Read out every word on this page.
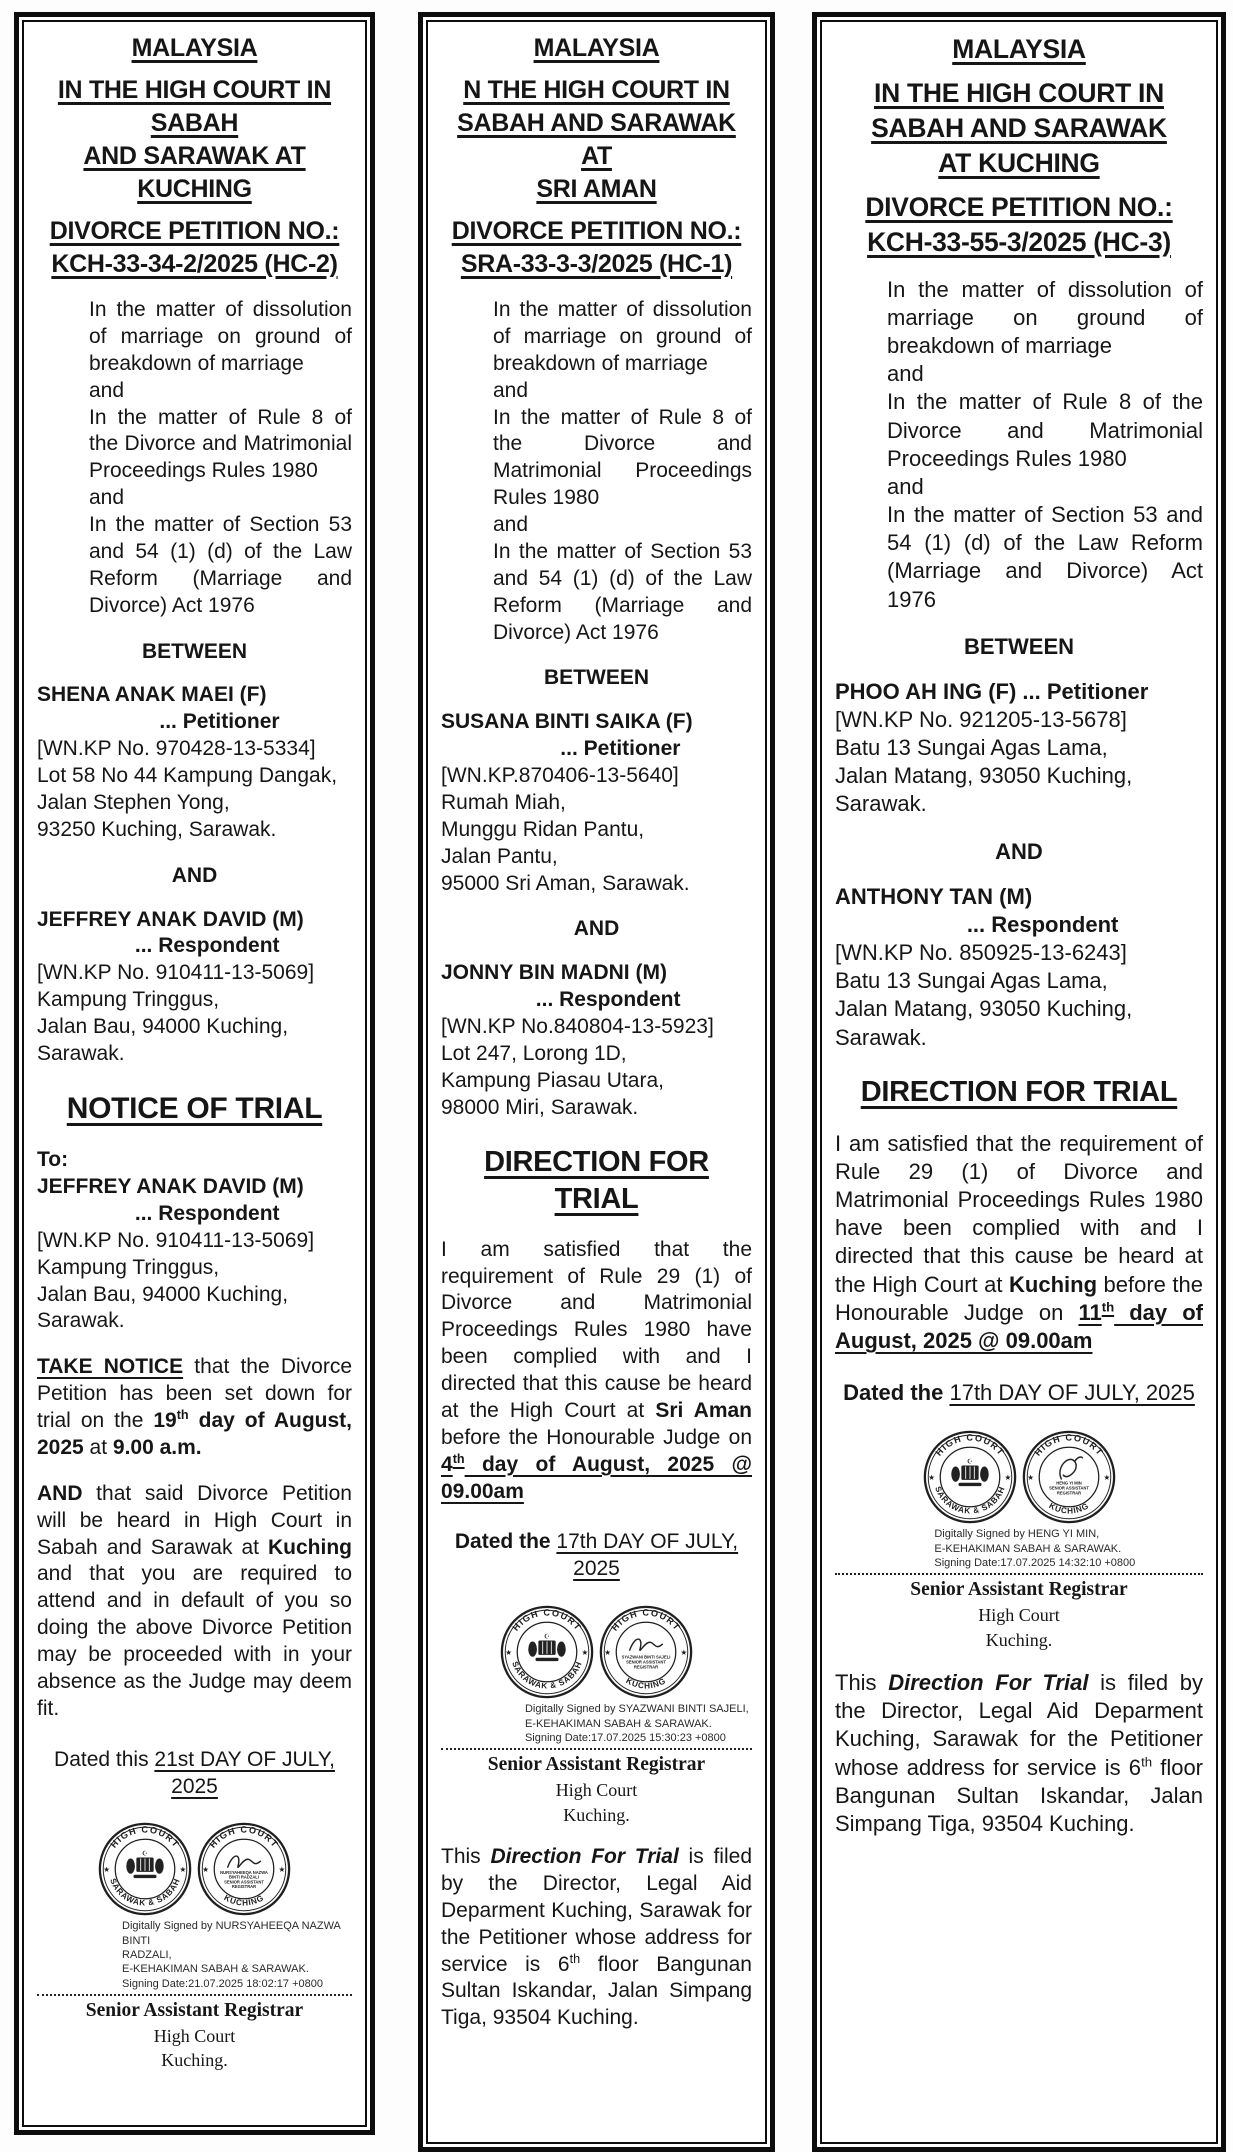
MALAYSIA
IN THE HIGH COURT IN SABAH
AND SARAWAK AT KUCHING
DIVORCE PETITION NO.:
KCH-33-34-2/2025 (HC-2)

In the matter of dissolution of marriage on ground of breakdown of marriage

and

In the matter of Rule 8 of the Divorce and Matrimonial Proceedings Rules 1980

and

In the matter of Section 53 and 54 (1) (d) of the Law Reform (Marriage and Divorce) Act 1976

BETWEEN
SHENA ANAK MAEI (F)
... Petitioner
[WN.KP No. 970428-13-5334]
Lot 58 No 44 Kampung Dangak,
Jalan Stephen Yong,
93250 Kuching, Sarawak.
AND
JEFFREY ANAK DAVID (M)
... Respondent
[WN.KP No. 910411-13-5069]
Kampung Tringgus,
Jalan Bau, 94000 Kuching,
Sarawak.
NOTICE OF TRIAL
To:
JEFFREY ANAK DAVID (M)
... Respondent
[WN.KP No. 910411-13-5069]
Kampung Tringgus,
Jalan Bau, 94000 Kuching,
Sarawak.

TAKE NOTICE that the Divorce Petition has been set down for trial on the 19th day of August, 2025 at 9.00 a.m.

AND that said Divorce Petition will be heard in High Court in Sabah and Sarawak at Kuching and that you are required to attend and in default of you so doing the above Divorce Petition may be proceeded with in your absence as the Judge may deem fit.

Dated this 21st DAY OF JULY,
2025

HIGH COURT
SARAWAK & SABAH
★	★
☪
HIGH COURT
KUCHING
★	★
NURSYAHEEQA NAZWA
BINTI RADZALI
SENIOR ASSISTANT
REGISTRAR
Digitally Signed by NURSYAHEEQA NAZWA BINTI
RADZALI,
E-KEHAKIMAN SABAH & SARAWAK.
Signing Date:21.07.2025 18:02:17 +0800
Senior Assistant Registrar
High Court
Kuching.
MALAYSIA
N THE HIGH COURT IN
SABAH AND SARAWAK AT
SRI AMAN
DIVORCE PETITION NO.:
SRA-33-3-3/2025 (HC-1)

In the matter of dissolution of marriage on ground of breakdown of marriage

and

In the matter of Rule 8 of the Divorce and Matrimonial Proceedings Rules 1980

and

In the matter of Section 53 and 54 (1) (d) of the Law Reform (Marriage and Divorce) Act 1976

BETWEEN
SUSANA BINTI SAIKA (F)
... Petitioner
[WN.KP.870406-13-5640]
Rumah Miah,
Munggu Ridan Pantu,
Jalan Pantu,
95000 Sri Aman, Sarawak.
AND
JONNY BIN MADNI (M)
... Respondent
[WN.KP No.840804-13-5923]
Lot 247, Lorong 1D,
Kampung Piasau Utara,
98000 Miri, Sarawak.
DIRECTION FOR TRIAL

I am satisfied that the requirement of Rule 29 (1) of Divorce and Matrimonial Proceedings Rules 1980 have been complied with and I directed that this cause be heard at the High Court at Sri Aman before the Honourable Judge on 4th day of August, 2025 @ 09.00am

Dated the 17th DAY OF JULY, 2025

HIGH COURT
SARAWAK & SABAH
★	★
☪
HIGH COURT
KUCHING
★	★
SYAZWANI BINTI SAJELI
SENIOR ASSISTANT
REGISTRAR
Digitally Signed by SYAZWANI BINTI SAJELI,
E-KEHAKIMAN SABAH & SARAWAK.
Signing Date:17.07.2025 15:30:23 +0800
Senior Assistant Registrar
High Court
Kuching.

This Direction For Trial is filed by the Director, Legal Aid Deparment Kuching, Sarawak for the Petitioner whose address for service is 6th floor Bangunan Sultan Iskandar, Jalan Simpang Tiga, 93504 Kuching.

MALAYSIA
IN THE HIGH COURT IN
SABAH AND SARAWAK
AT KUCHING
DIVORCE PETITION NO.:
KCH-33-55-3/2025 (HC-3)

In the matter of dissolution of marriage on ground of breakdown of marriage

and

In the matter of Rule 8 of the Divorce and Matrimonial Proceedings Rules 1980

and

In the matter of Section 53 and 54 (1) (d) of the Law Reform (Marriage and Divorce) Act 1976

BETWEEN
PHOO AH ING (F) ... Petitioner
[WN.KP No. 921205-13-5678]
Batu 13 Sungai Agas Lama,
Jalan Matang, 93050 Kuching,
Sarawak.
AND
ANTHONY TAN (M)
... Respondent
[WN.KP No. 850925-13-6243]
Batu 13 Sungai Agas Lama,
Jalan Matang, 93050 Kuching,
Sarawak.
DIRECTION FOR TRIAL

I am satisfied that the requirement of Rule 29 (1) of Divorce and Matrimonial Proceedings Rules 1980 have been complied with and I directed that this cause be heard at the High Court at Kuching before the Honourable Judge on 11th day of August, 2025 @ 09.00am

Dated the 17th DAY OF JULY, 2025

HIGH COURT
SARAWAK & SABAH
★	★
☪
HIGH COURT
KUCHING
★	★
HENG YI MIN
SENIOR ASSISTANT
REGISTRAR
Digitally Signed by HENG YI MIN,
E-KEHAKIMAN SABAH & SARAWAK.
Signing Date:17.07.2025 14:32:10 +0800
Senior Assistant Registrar
High Court
Kuching.

This Direction For Trial is filed by the Director, Legal Aid Deparment Kuching, Sarawak for the Petitioner whose address for service is 6th floor Bangunan Sultan Iskandar, Jalan Simpang Tiga, 93504 Kuching.
